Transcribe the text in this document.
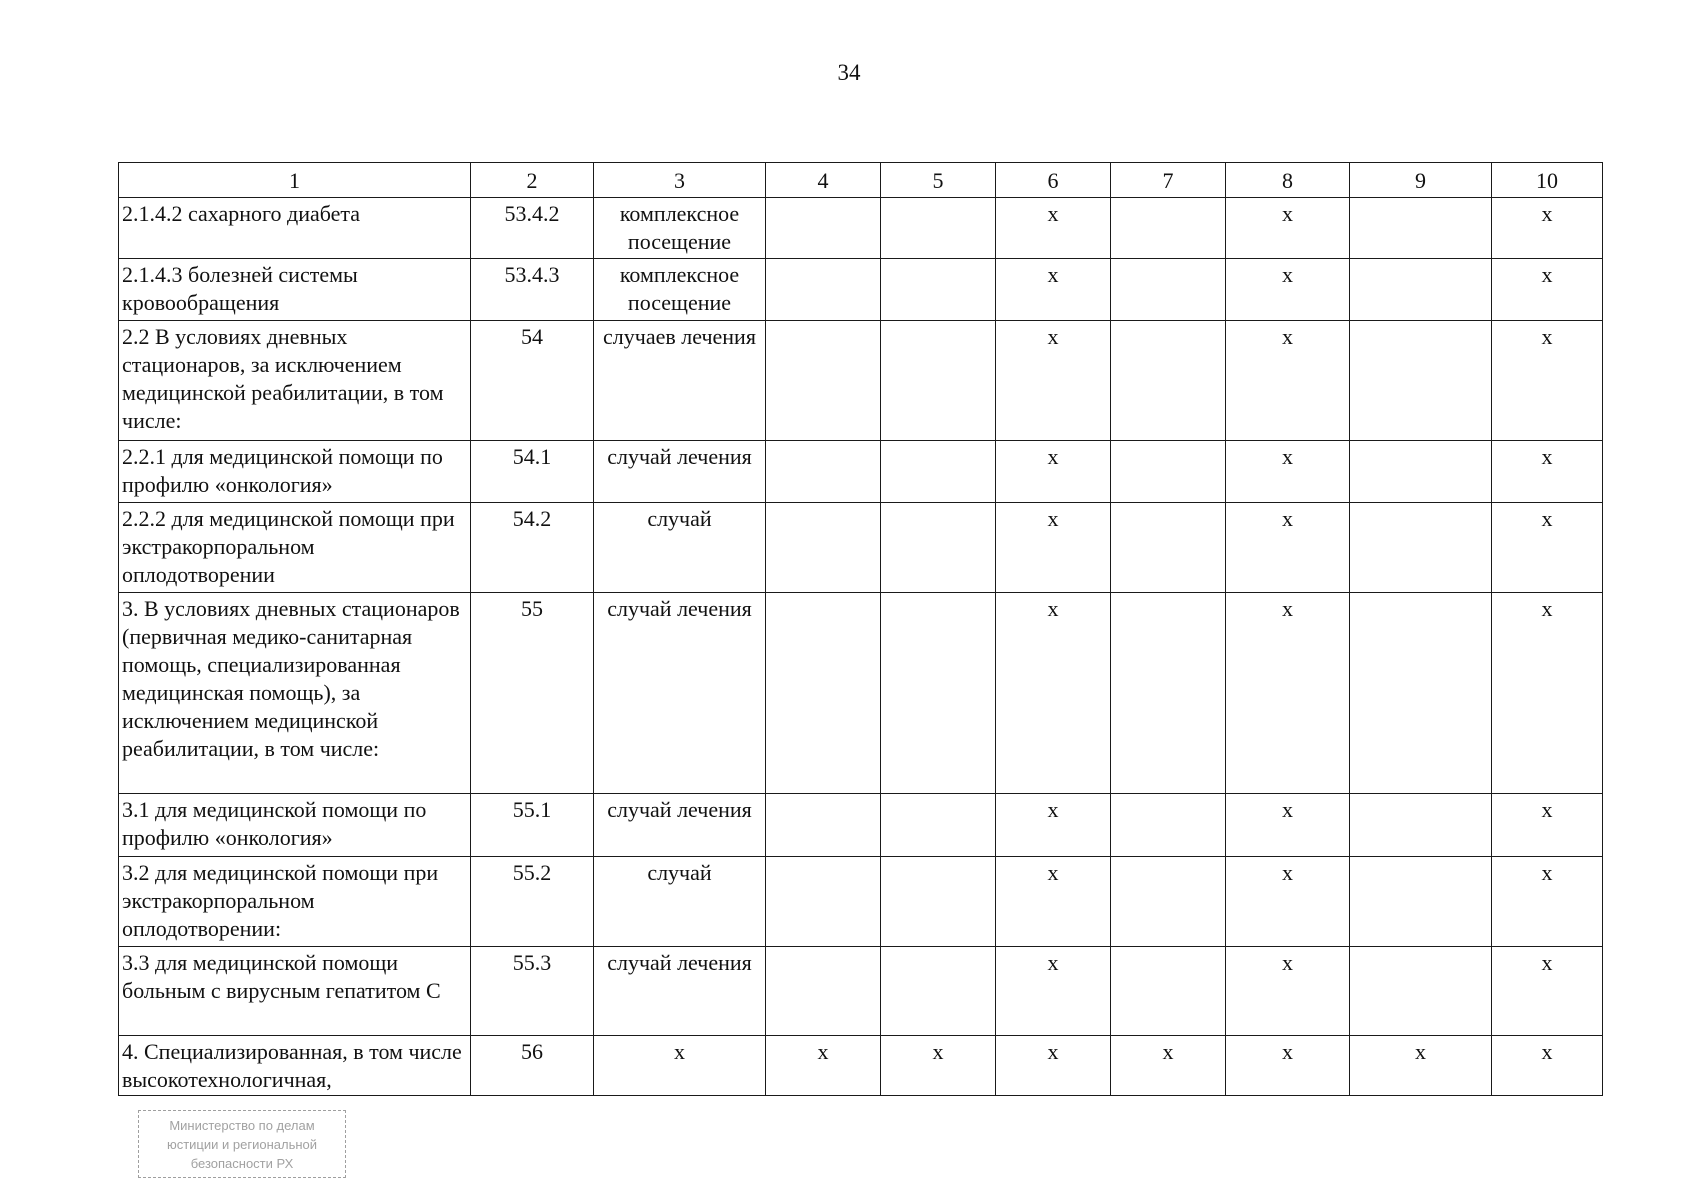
34
1	2	3	4	5	6	7	8	9	10
2.1.4.2 сахарного диабета	53.4.2	комплексное посещение			х		х		х
2.1.4.3 болезней системы кровообращения	53.4.3	комплексное посещение			х		х		х
2.2 В условиях дневных стационаров, за исключением медицинской реабилитации, в том числе:	54	случаев лечения			х		х		х
2.2.1 для медицинской помощи по профилю «онкология»	54.1	случай лечения			х		х		х
2.2.2 для медицинской помощи при экстракорпоральном оплодотворении	54.2	случай			х		х		х
3. В условиях дневных стационаров (первичная медико-санитарная помощь, специализированная медицинская помощь), за исключением медицинской реабилитации, в том числе:	55	случай лечения			х		х		х
3.1 для медицинской помощи по профилю «онкология»	55.1	случай лечения			х		х		х
3.2 для медицинской помощи при экстракорпоральном оплодотворении:	55.2	случай			х		х		х
3.3 для медицинской помощи больным с вирусным гепатитом С	55.3	случай лечения			х		х		х
4. Специализированная, в том числе высокотехнологичная,	56	х	х	х	х	х	х	х	х
Министерство по делам
юстиции и региональной
безопасности РХ
